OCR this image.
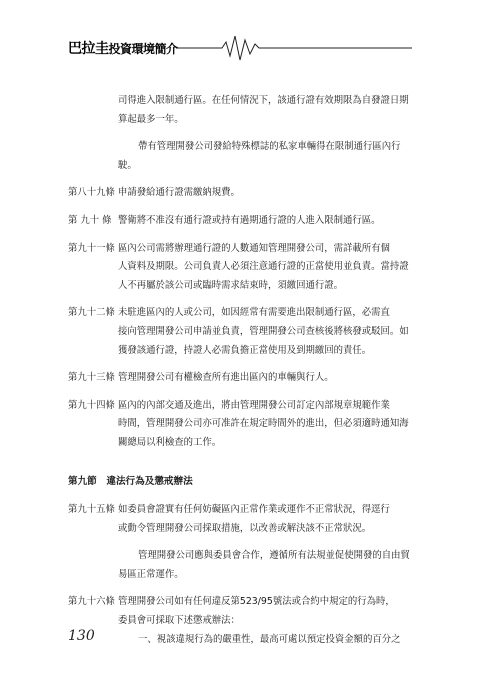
巴拉圭投資環境簡介
司得進入限制通行區。在任何情況下，該通行證有效期限為自發證日期
算起最多一年。
帶有管理開發公司發給特殊標誌的私家車輛得在限制通行區內行
駛。
第八十九條 申請發給通行證需繳納規費。
第 九十 條 警衛將不准沒有通行證或持有過期通行證的人進入限制通行區。
第九十一條 區內公司需將辦理通行證的人數通知管理開發公司，需詳載所有個
人資料及期限。公司負責人必須注意通行證的正當使用並負責。當持證
人不再屬於該公司或臨時需求結束時，須繳回通行證。
第九十二條 未駐進區內的人或公司，如因經常有需要進出限制通行區，必需直
接向管理開發公司申請並負責，管理開發公司查核後將核發或駁回。如
獲發該通行證，持證人必需負擔正當使用及到期繳回的責任。
第九十三條 管理開發公司有權檢查所有進出區內的車輛與行人。
第九十四條 區內的內部交通及進出，將由管理開發公司訂定內部規章規範作業
時間，管理開發公司亦可准許在規定時間外的進出，但必須適時通知海
關總局以利檢查的工作。
第九節　違法行為及懲戒辦法
第九十五條 如委員會證實有任何妨礙區內正常作業或運作不正常狀況，得逕行
或動令管理開發公司採取措施，以改善或解決該不正常狀況。
管理開發公司應與委員會合作，遵循所有法規並促使開發的自由貿
易區正常運作。
第九十六條 管理開發公司如有任何違反第523/95號法或合約中規定的行為時，
委員會可採取下述懲戒辦法：
一、視該違規行為的嚴重性，最高可處以預定投資金額的百分之

130
